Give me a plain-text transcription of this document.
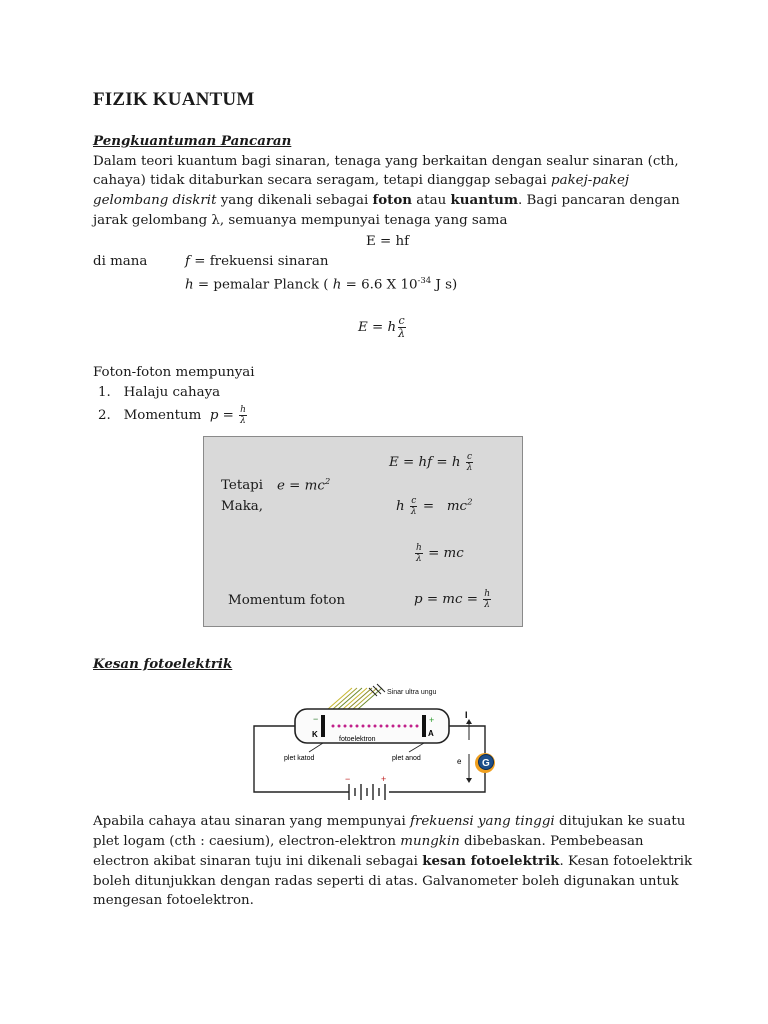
FIZIK KUANTUM
Pengkuantuman Pancaran
Dalam teori kuantum bagi sinaran, tenaga yang berkaitan dengan sealur sinaran (cth,
cahaya) tidak ditaburkan secara seragam, tetapi dianggap sebagai pakej-pakej
gelombang diskrit yang dikenali sebagai foton atau kuantum. Bagi pancaran dengan
jarak gelombang λ, semuanya mempunyai tenaga yang sama
E = hf
di mana	f = frekuensi sinaran
h = pemalar Planck ( h = 6.6 X $10^{-34}$ J s)
E = h $\frac{c}{\lambda}$
Foton-foton mempunyai
1. Halaju cahaya
2. Momentum $p = \frac{h}{\lambda}$
E = hf = h $\frac{c}{\lambda}$
Tetapi $e = mc^2$
Maka,	h $\frac{c}{\lambda} = mc^2$
$\frac{h}{\lambda}$ = mc
Momentum foton	p = mc = $\frac{h}{\lambda}$
Kesan fotoelektrik
Sinar ultra ungu
−	+
K	A
fotoelektron
−	+
plet katod	plet anod
I
e G
Apabila cahaya atau sinaran yang mempunyai frekuensi yang tinggi ditujukan ke suatu
plet logam (cth : caesium), electron-elektron mungkin dibebaskan. Pembebeasan
electron akibat sinaran tuju ini dikenali sebagai kesan fotoelektrik. Kesan fotoelektrik
boleh ditunjukkan dengan radas seperti di atas. Galvanometer boleh digunakan untuk
mengesan fotoelektron.
